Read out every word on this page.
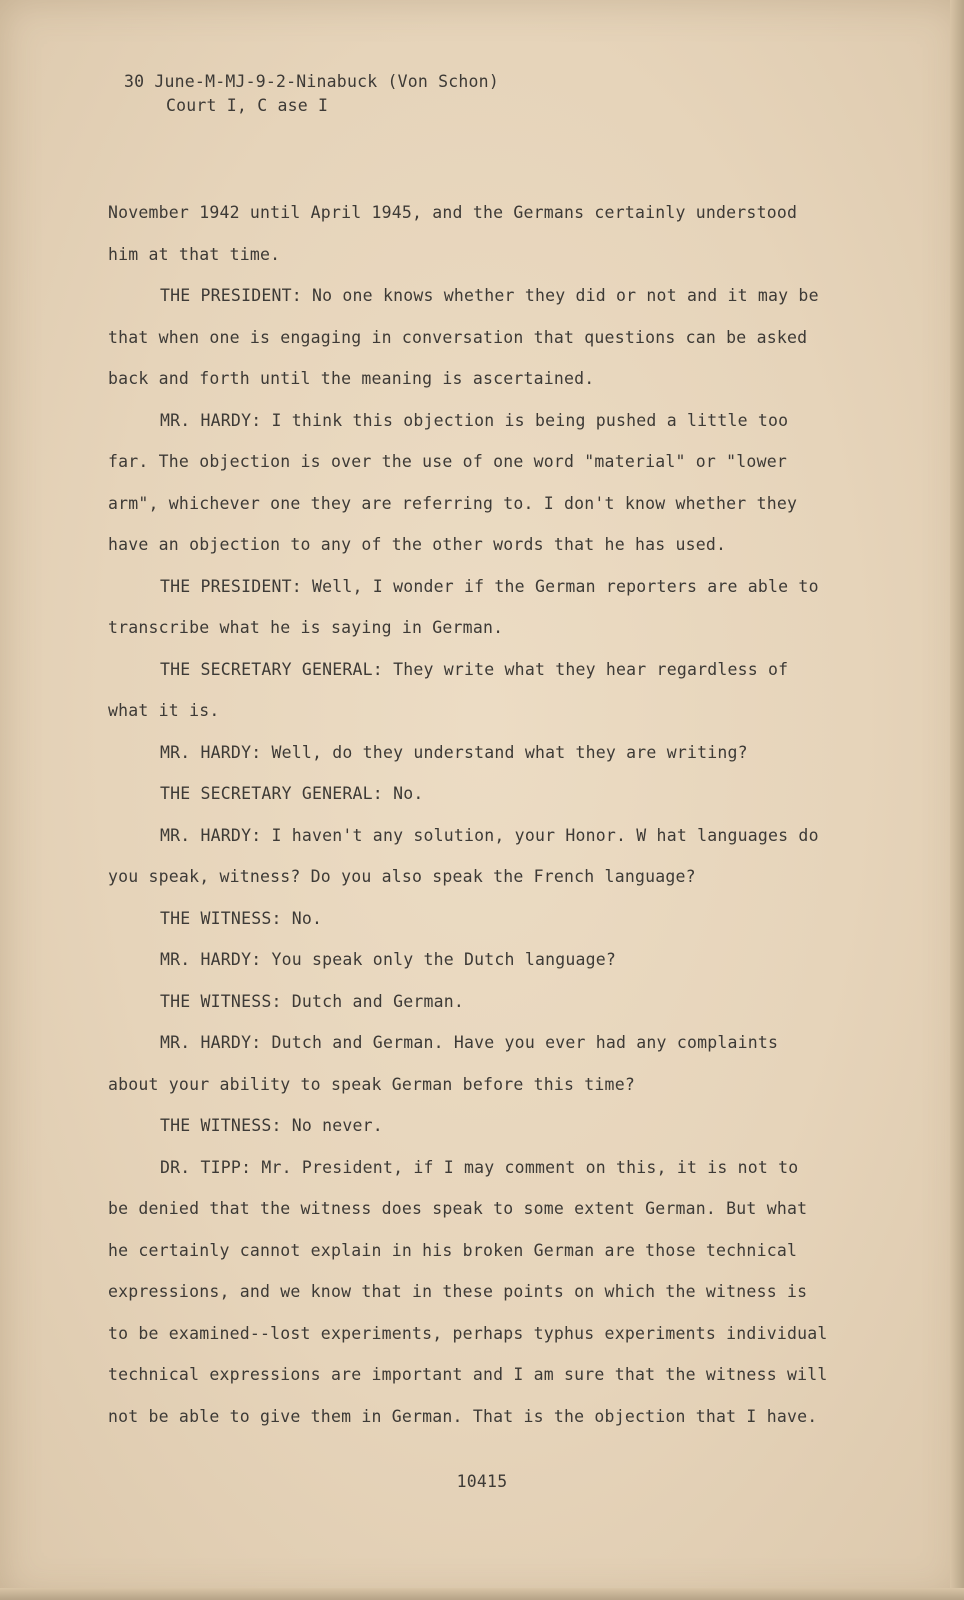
30 June-M-MJ-9-2-Ninabuck (Von Schon)
Court I, C ase I

November 1942 until April 1945, and the Germans certainly understood him at that time.

THE PRESIDENT: No one knows whether they did or not and it may be that when one is engaging in conversation that questions can be asked back and forth until the meaning is ascertained.

MR. HARDY: I think this objection is being pushed a little too far. The objection is over the use of one word "material" or "lower arm", whichever one they are referring to. I don't know whether they have an objection to any of the other words that he has used.

THE PRESIDENT: Well, I wonder if the German reporters are able to transcribe what he is saying in German.

THE SECRETARY GENERAL: They write what they hear regardless of what it is.

MR. HARDY: Well, do they understand what they are writing?

THE SECRETARY GENERAL: No.

MR. HARDY: I haven't any solution, your Honor. W hat languages do you speak, witness? Do you also speak the French language?

THE WITNESS: No.

MR. HARDY: You speak only the Dutch language?

THE WITNESS: Dutch and German.

MR. HARDY: Dutch and German. Have you ever had any complaints about your ability to speak German before this time?

THE WITNESS: No never.

DR. TIPP: Mr. President, if I may comment on this, it is not to be denied that the witness does speak to some extent German. But what he certainly cannot explain in his broken German are those technical expressions, and we know that in these points on which the witness is to be examined--lost experiments, perhaps typhus experiments individual technical expressions are important and I am sure that the witness will not be able to give them in German. That is the objection that I have.

10415
